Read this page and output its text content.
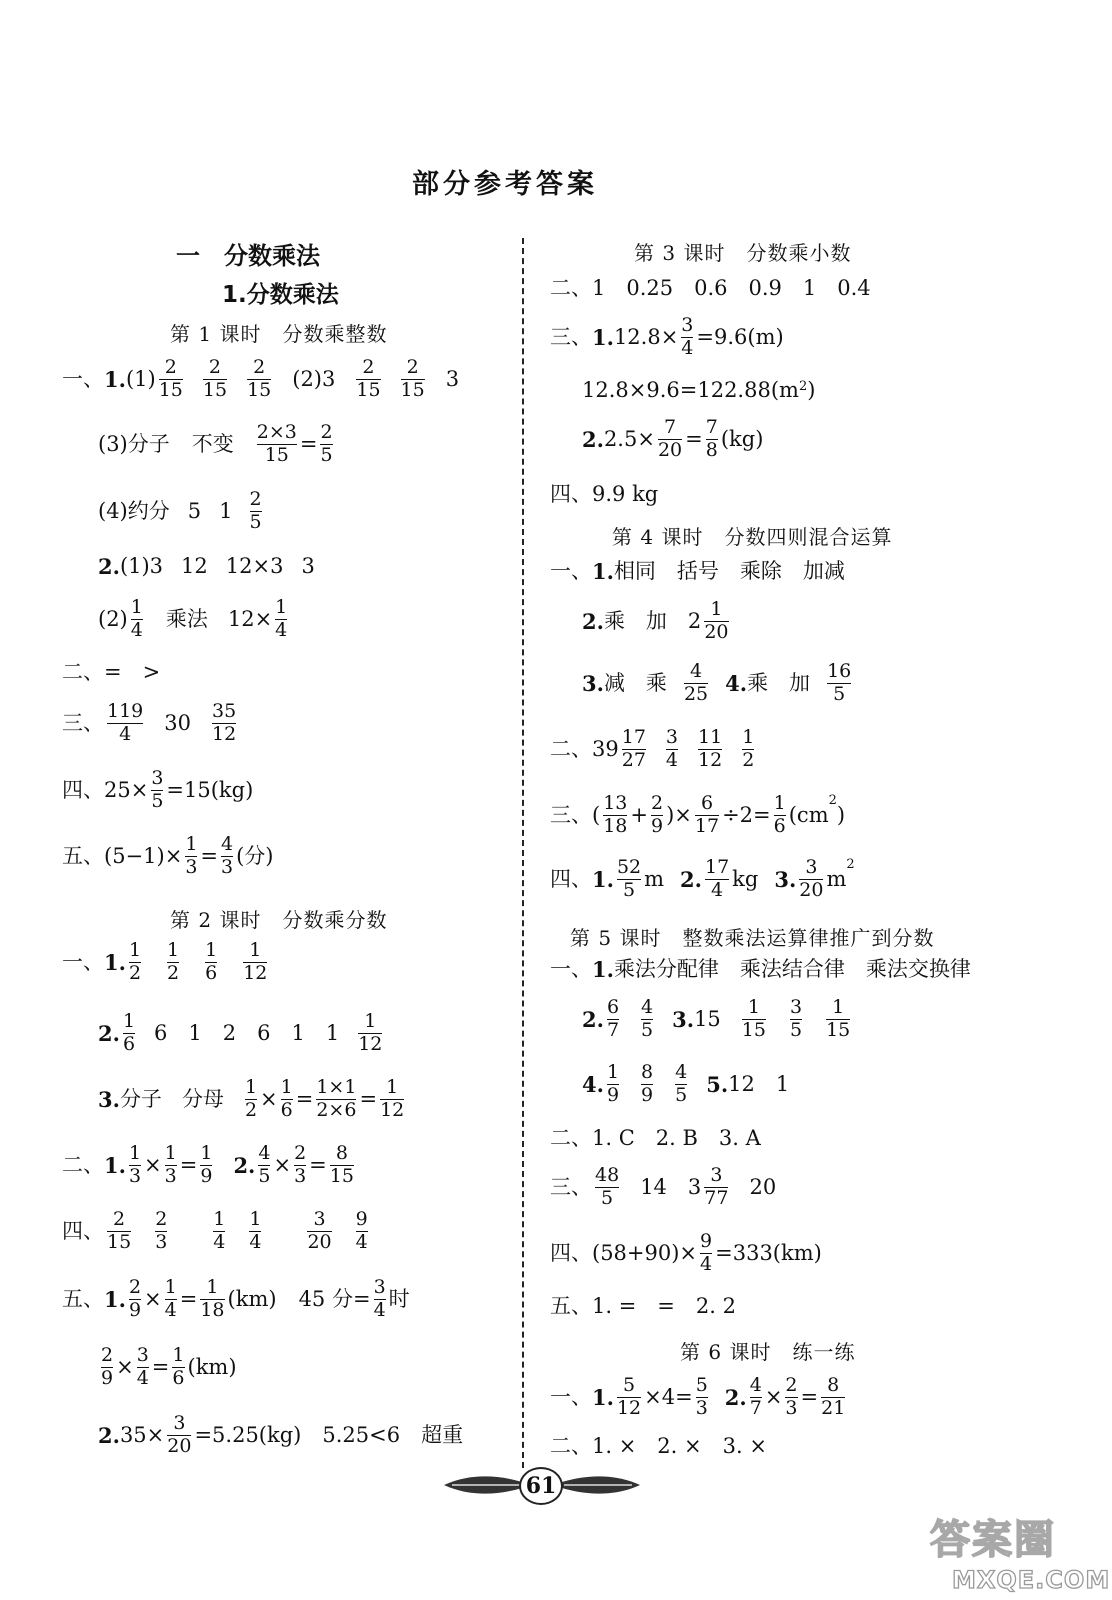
部分参考答案
一　分数乘法
1.分数乘法
第 1 课时　分数乘整数
一、 1. (1) 2
15
2
15
2
15 (2)3 2
15
2
15 3
(3)分子 不变 2×3
15 = 2
5
(4)约分 5 1 2
5
2. (1)3 12 12×3 3
(2) 1
4 乘法 12× 1
4
二、 =　>
三、 119
4 30 35
12
四、 25× 3
5 =15(kg)
五、 (5−1)× 1
3 = 4
3 (分)
第 2 课时　分数乘分数
一、 1. 1
2
1
2
1
6
1
12
2. 1
6 6　1　2　6　1　1 1
12
3. 分子 分母 1
2 × 1
6 = 1×1
2×6 = 1
12
二、 1. 1
3 × 1
3 = 1
9 2. 4
5 × 2
3 = 8
15
四、 2
15
2
3
1
4
1
4
3
20
9
4
五、 1. 2
9 × 1
4 = 1
18 (km) 45 分= 3
4 时
2
9 × 3
4 = 1
6 (km)
2. 35× 3
20 =5.25(kg)　5.25<6　超重
第 3 课时　分数乘小数
二、 1　0.25　0.6　0.9　1　0.4
三、 1. 12.8× 3
4 =9.6(m)
12.8×9.6=122.88(m 2 )
2. 2.5× 7
20 = 7
8 (kg)
四、 9.9 kg
第 4 课时　分数四则混合运算
一、 1. 相同　括号　乘除　加减
2. 乘　加　2 1
20
3. 减　乘 4
25 4. 乘　加 16
5
二、 39 17
27
3
4
11
12
1
2
三、 ( 13
18 + 2
9 )× 6
17 ÷2= 1
6 (cm
$^2$
)
四、 1. 52
5 m 2. 17
4 kg 3. 3
20 m
$^2$
第 5 课时　整数乘法运算律推广到分数
一、 1. 乘法分配律　乘法结合律　乘法交换律
2. 6
7
4
5 3. 15 1
15
3
5
1
15
4. 1
9
8
9
4
5 5. 12　1
二、 1. C　2. B　3. A
三、 48
5 14　3 3
77 20
四、 (58+90)× 9
4 =333(km)
五、 1. =　=　2. 2
第 6 课时　练一练
一、 1. 5
12 ×4= 5
3 2. 4
7 × 2
3 = 8
21
二、 1. ×　2. ×　3. ×
61
答案圈
MXQE.COM
